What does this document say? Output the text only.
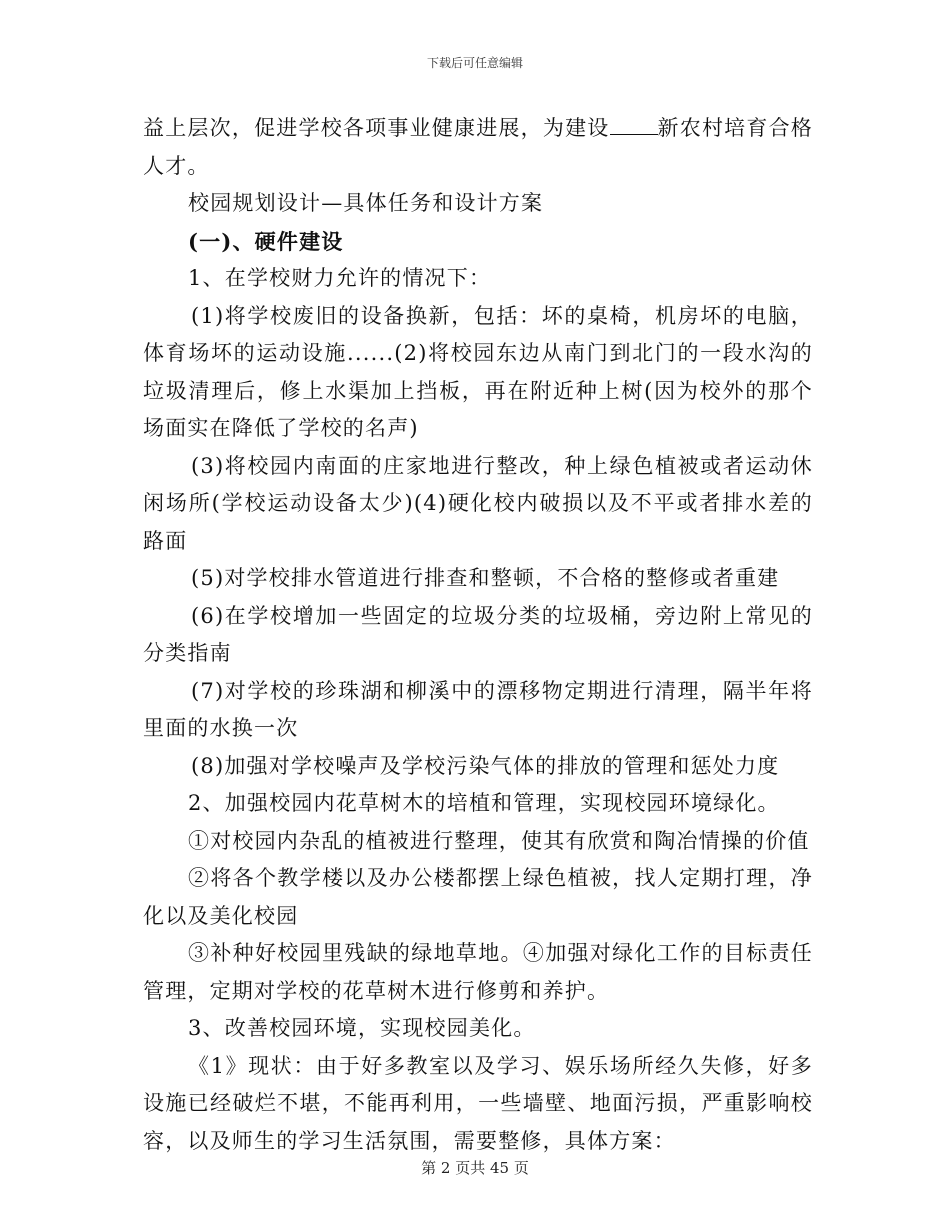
下载后可任意编辑

益上层次，促进学校各项事业健康进展，为建设 新农村培育合格人才。

校园规划设计—具体任务和设计方案

(一)、硬件建设

1、在学校财力允许的情况下：

(1)将学校废旧的设备换新，包括：坏的桌椅，机房坏的电脑，体育场坏的运动设施......(2)将校园东边从南门到北门的一段水沟的垃圾清理后，修上水渠加上挡板，再在附近种上树(因为校外的那个场面实在降低了学校的名声)

(3)将校园内南面的庄家地进行整改，种上绿色植被或者运动休闲场所(学校运动设备太少)(4)硬化校内破损以及不平或者排水差的路面

(5)对学校排水管道进行排查和整顿，不合格的整修或者重建

(6)在学校增加一些固定的垃圾分类的垃圾桶，旁边附上常见的分类指南

(7)对学校的珍珠湖和柳溪中的漂移物定期进行清理，隔半年将里面的水换一次

(8)加强对学校噪声及学校污染气体的排放的管理和惩处力度

2、加强校园内花草树木的培植和管理，实现校园环境绿化。

①对校园内杂乱的植被进行整理，使其有欣赏和陶冶情操的价值

②将各个教学楼以及办公楼都摆上绿色植被，找人定期打理，净化以及美化校园

③补种好校园里残缺的绿地草地。④加强对绿化工作的目标责任管理，定期对学校的花草树木进行修剪和养护。

3、改善校园环境，实现校园美化。

《1》现状：由于好多教室以及学习、娱乐场所经久失修，好多设施已经破烂不堪，不能再利用，一些墙壁、地面污损，严重影响校容，以及师生的学习生活氛围，需要整修，具体方案：

第 2 页共 45 页
